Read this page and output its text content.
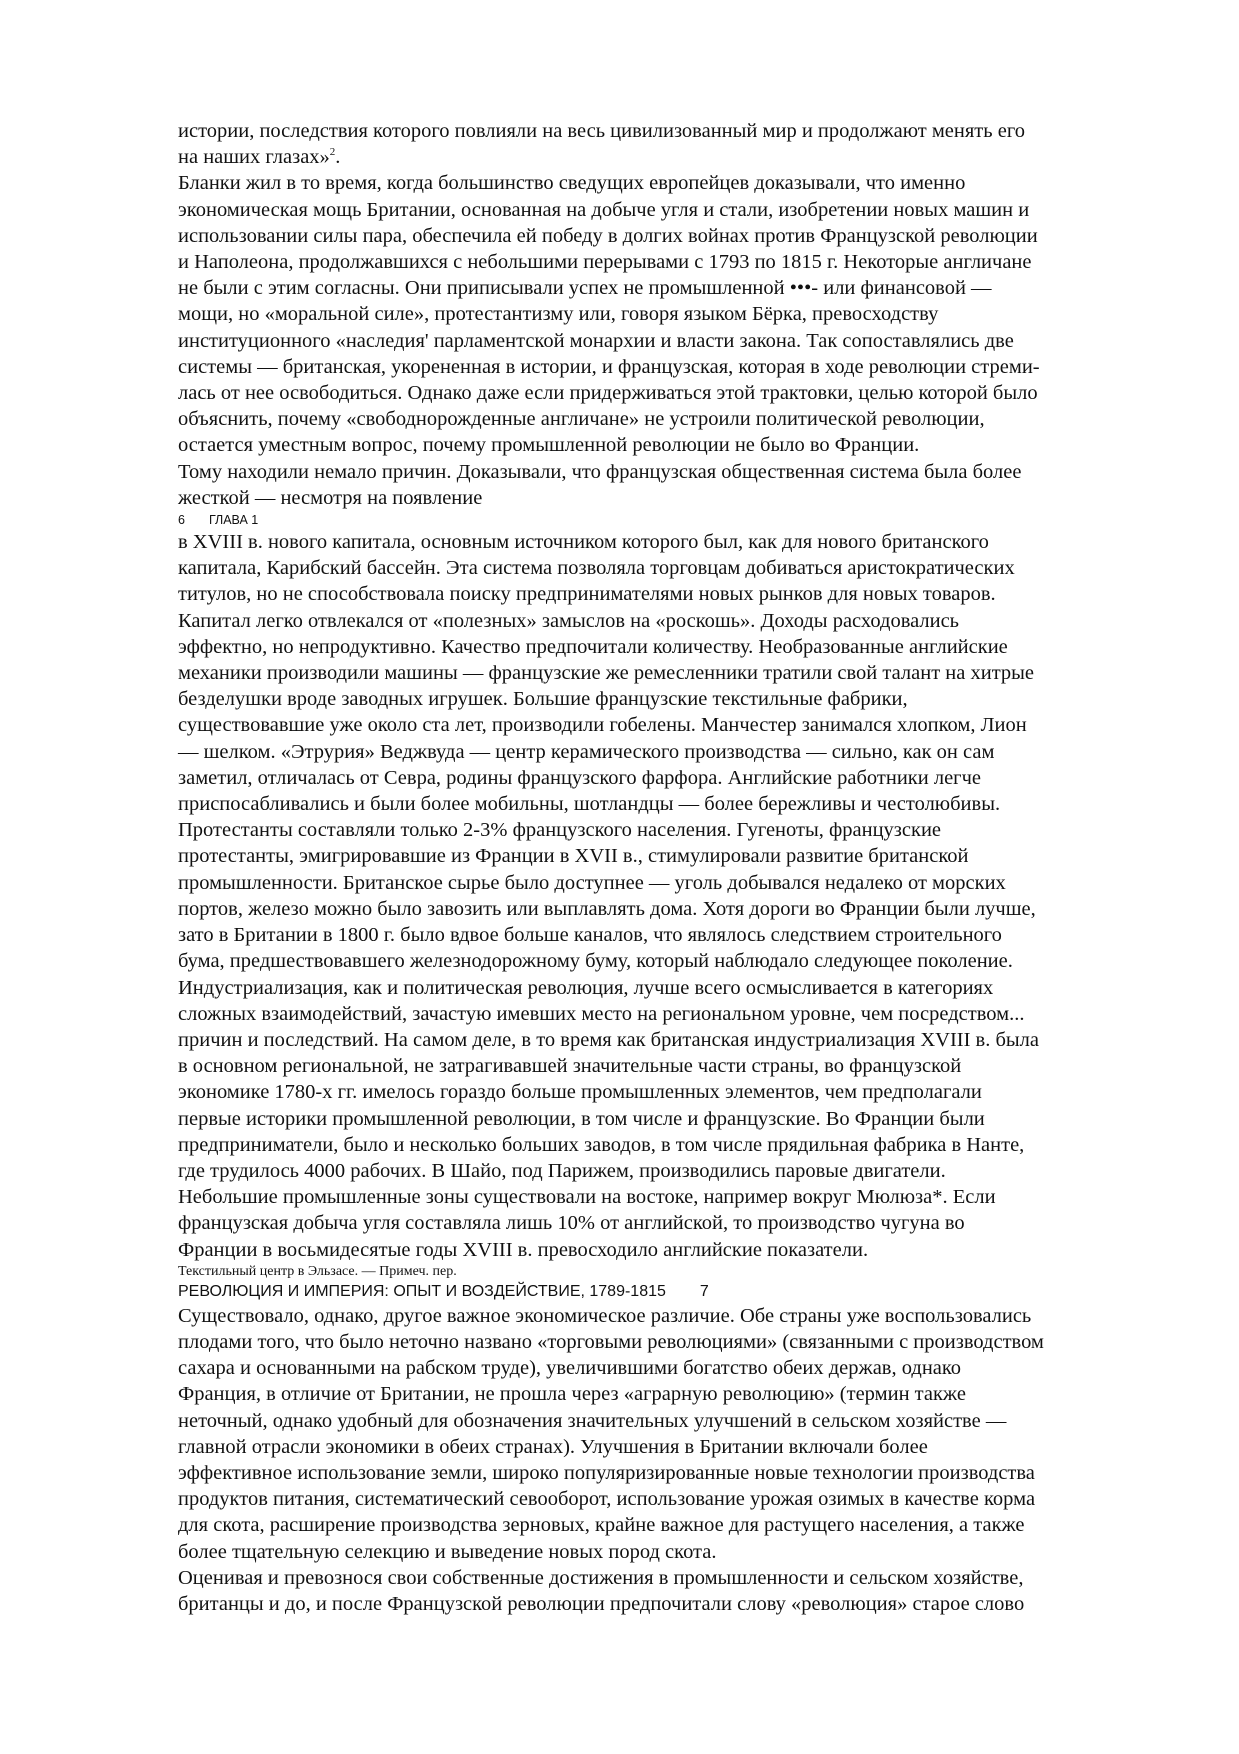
истории, последствия которого повлияли на весь цивилизованный мир и продолжают менять его
на наших глазах»$^2$.

Бланки жил в то время, когда большинство сведущих европейцев доказывали, что именно
экономическая мощь Британии, основанная на добыче угля и стали, изобретении новых машин и
использовании силы пара, обеспечила ей победу в долгих войнах против Французской революции
и Наполеона, продолжавшихся с небольшими перерывами с 1793 по 1815 г. Некоторые англичане
не были с этим согласны. Они приписывали успех не промышленной •••- или финансовой —
мощи, но «моральной силе», протестантизму или, говоря языком Бёрка, превосходству
институционного «наследия' парламентской монархии и власти закона. Так сопоставлялись две
системы — британская, укорененная в истории, и французская, которая в ходе революции стреми-
лась от нее освободиться. Однако даже если придерживаться этой трактовки, целью которой было
объяснить, почему «свободнорожденные англичане» не устроили политической революции,
остается уместным вопрос, почему промышленной революции не было во Франции.

Тому находили немало причин. Доказывали, что французская общественная система была более
жесткой — несмотря на появление

6 ГЛАВА 1

в XVIII в. нового капитала, основным источником которого был, как для нового британского
капитала, Карибский бассейн. Эта система позволяла торговцам добиваться аристократических
титулов, но не способствовала поиску предпринимателями новых рынков для новых товаров.
Капитал легко отвлекался от «полезных» замыслов на «роскошь». Доходы расходовались
эффектно, но непродуктивно. Качество предпочитали количеству. Необразованные английские
механики производили машины — французские же ремесленники тратили свой талант на хитрые
безделушки вроде заводных игрушек. Большие французские текстильные фабрики,
существовавшие уже около ста лет, производили гобелены. Манчестер занимался хлопком, Лион
— шелком. «Этрурия» Веджвуда — центр керамического производства — сильно, как он сам
заметил, отличалась от Севра, родины французского фарфора. Английские работники легче
приспосабливались и были более мобильны, шотландцы — более бережливы и честолюбивы.
Протестанты составляли только 2-3% французского населения. Гугеноты, французские
протестанты, эмигрировавшие из Франции в XVII в., стимулировали развитие британской
промышленности. Британское сырье было доступнее — уголь добывался недалеко от морских
портов, железо можно было завозить или выплавлять дома. Хотя дороги во Франции были лучше,
зато в Британии в 1800 г. было вдвое больше каналов, что являлось следствием строительного
бума, предшествовавшего железнодорожному буму, который наблюдало следующее поколение.
Индустриализация, как и политическая революция, лучше всего осмысливается в категориях
сложных взаимодействий, зачастую имевших место на региональном уровне, чем посредством...
причин и последствий. На самом деле, в то время как британская индустриализация XVIII в. была
в основном региональной, не затрагивавшей значительные части страны, во французской
экономике 1780-х гг. имелось гораздо больше промышленных элементов, чем предполагали
первые историки промышленной революции, в том числе и французские. Во Франции были
предприниматели, было и несколько больших заводов, в том числе прядильная фабрика в Нанте,
где трудилось 4000 рабочих. В Шайо, под Парижем, производились паровые двигатели.
Небольшие промышленные зоны существовали на востоке, например вокруг Мюлюза*. Если
французская добыча угля составляла лишь 10% от английской, то производство чугуна во
Франции в восьмидесятые годы XVIII в. превосходило английские показатели.

Текстильный центр в Эльзасе. — Примеч. пер.

РЕВОЛЮЦИЯ И ИМПЕРИЯ: ОПЫТ И ВОЗДЕЙСТВИЕ, 1789-1815 7

Существовало, однако, другое важное экономическое различие. Обе страны уже воспользовались
плодами того, что было неточно названо «торговыми революциями» (связанными с производством
сахара и основанными на рабском труде), увеличившими богатство обеих держав, однако
Франция, в отличие от Британии, не прошла через «аграрную революцию» (термин также
неточный, однако удобный для обозначения значительных улучшений в сельском хозяйстве —
главной отрасли экономики в обеих странах). Улучшения в Британии включали более
эффективное использование земли, широко популяризированные новые технологии производства
продуктов питания, систематический севооборот, использование урожая озимых в качестве корма
для скота, расширение производства зерновых, крайне важное для растущего населения, а также
более тщательную селекцию и выведение новых пород скота.

Оценивая и превознося свои собственные достижения в промышленности и сельском хозяйстве,
британцы и до, и после Французской революции предпочитали слову «революция» старое слово
